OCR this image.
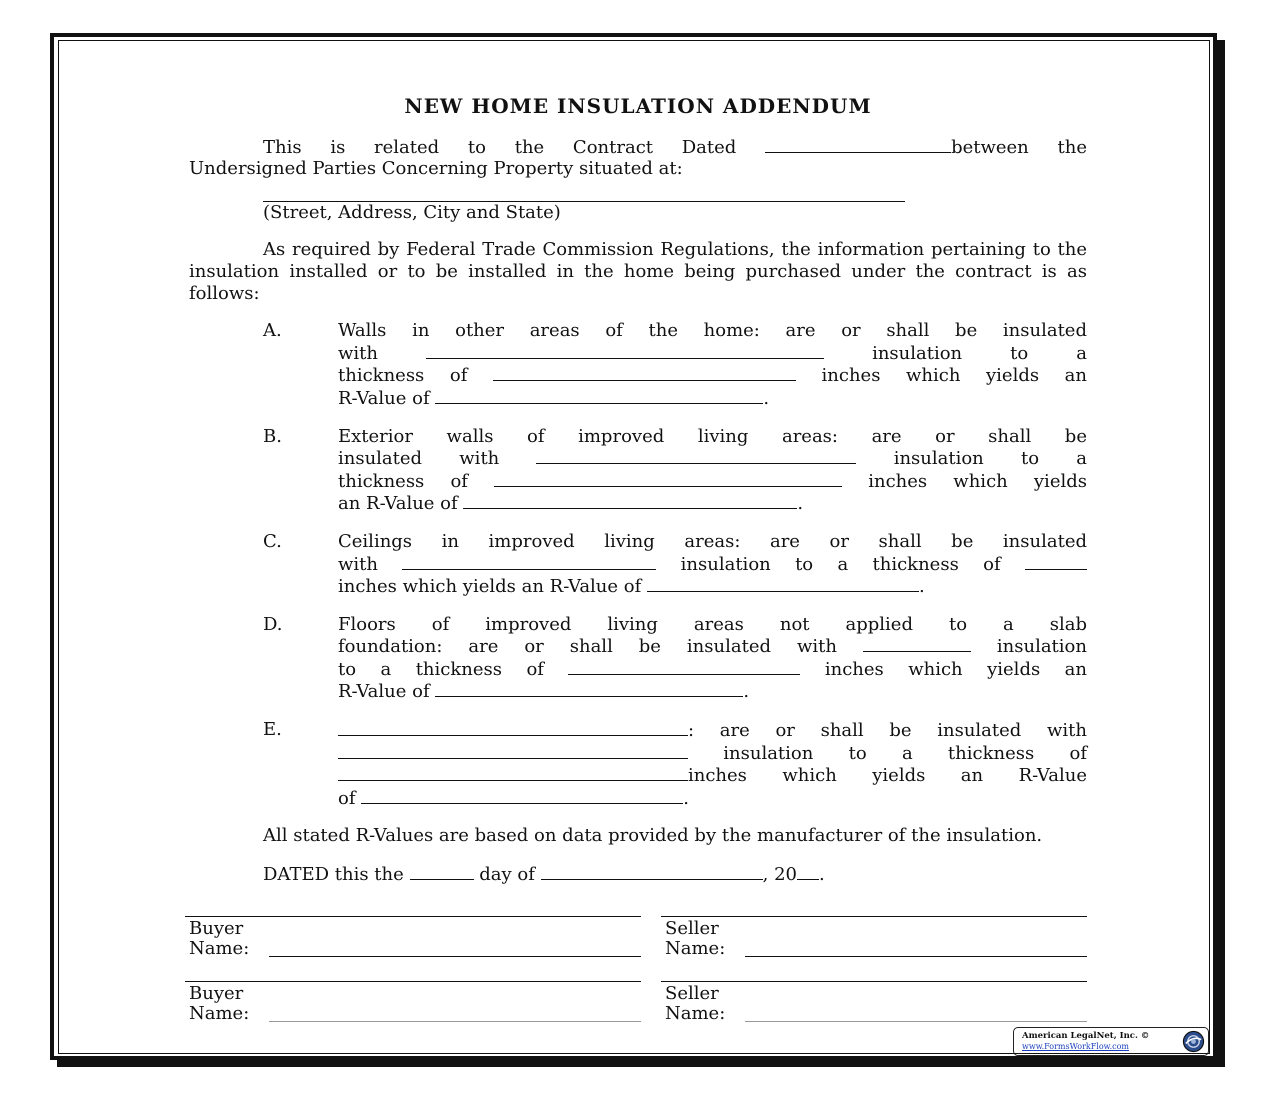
NEW HOME INSULATION ADDENDUM

This is related to the Contract Dated	between the

Undersigned Parties Concerning Property situated at:

(Street, Address, City and State)

As required by Federal Trade Commission Regulations, the information pertaining to the insulation installed or to be installed in the home being purchased under the contract is as follows:

A.	Walls in other areas of the home: are or shall be insulated

with	insulation to a

thickness of	inches which yields an

R-Value of	.

B.	Exterior walls of improved living areas: are or shall be

insulated with	insulation to a

thickness of	inches which yields

an R-Value of	.

C.	Ceilings in improved living areas: are or shall be insulated

with	insulation to a thickness of

inches which yields an R-Value of	.

D.	Floors of improved living areas not applied to a slab

foundation: are or shall be insulated with	insulation

to a thickness of	inches which yields an

R-Value of	.

E.	: are or shall be insulated with

insulation to a thickness of

inches which yields an R-Value

of	.

All stated R-Values are based on data provided by the manufacturer of the insulation.

DATED this the	day of	, 20 .

Buyer
Name:
Seller
Name:
Buyer
Name:
Seller
Name:
American LegalNet, Inc. ©
www.FormsWorkFlow.com
